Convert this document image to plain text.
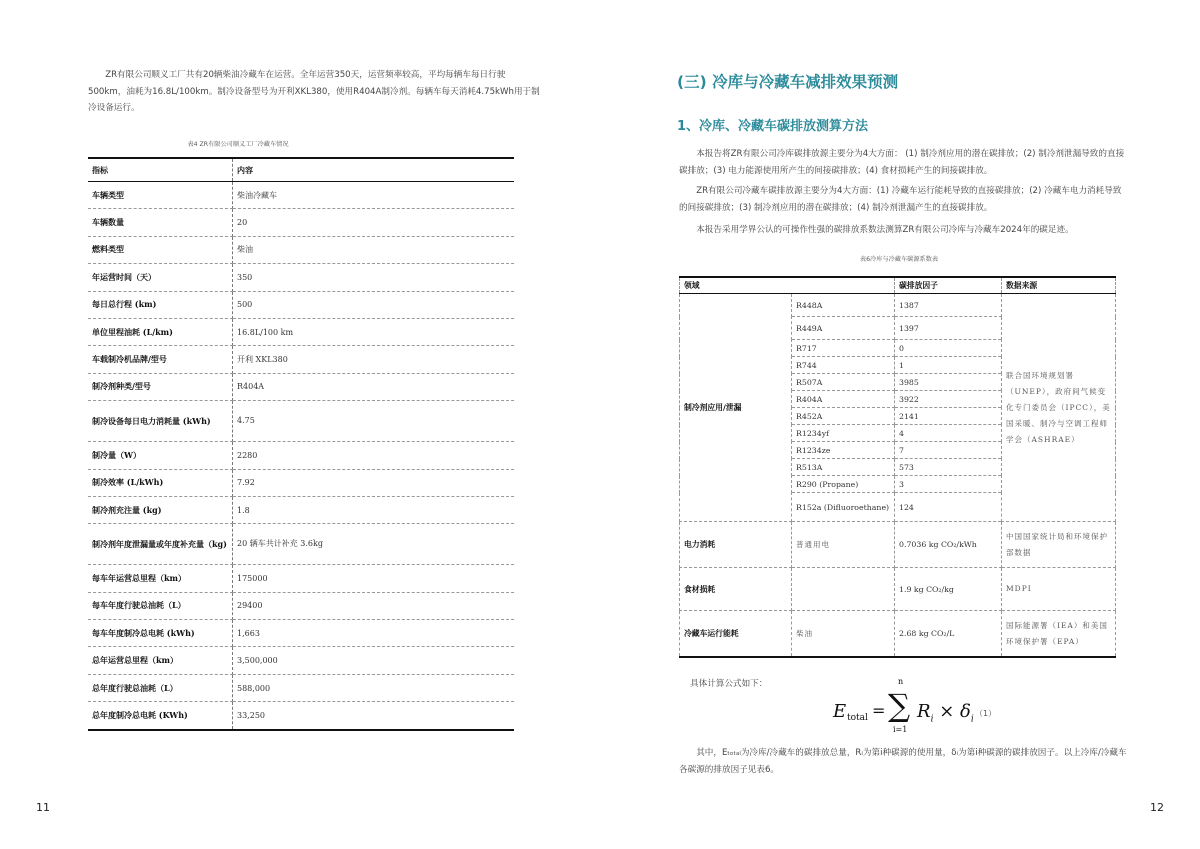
ZR有限公司顺义工厂共有20辆柴油冷藏车在运营。全年运营350天，运营频率较高，平均每辆车每日行驶500km，油耗为16.8L/100km。制冷设备型号为开利XKL380，使用R404A制冷剂。每辆车每天消耗4.75kWh用于制冷设备运行。
表4 ZR有限公司顺义工厂冷藏车情况
指标	内容
车辆类型	柴油冷藏车
车辆数量	20
燃料类型	柴油
年运营时间（天）	350
每日总行程 (km)	500
单位里程油耗 (L/km)	16.8L/100 km
车载制冷机品牌/型号	开利 XKL380
制冷剂种类/型号	R404A
制冷设备每日电力消耗量 (kWh)	4.75
制冷量（W）	2280
制冷效率 (L/kWh)	7.92
制冷剂充注量 (kg)	1.8
制冷剂年度泄漏量或年度补充量（kg)	20 辆车共计补充 3.6kg
每车年运营总里程（km）	175000
每车年度行驶总油耗（L）	29400
每车年度制冷总电耗 (kWh)	1,663
总年运营总里程（km）	3,500,000
总年度行驶总油耗（L）	588,000
总年度制冷总电耗 (KWh)	33,250
11
(三) 冷库与冷藏车减排效果预测
1、冷库、冷藏车碳排放测算方法
本报告将ZR有限公司冷库碳排放源主要分为4大方面： (1) 制冷剂应用的潜在碳排放；(2) 制冷剂泄漏导致的直接碳排放；(3) 电力能源使用所产生的间接碳排放；(4) 食材损耗产生的间接碳排放。
ZR有限公司冷藏车碳排放源主要分为4大方面：(1) 冷藏车运行能耗导致的直接碳排放；(2) 冷藏车电力消耗导致的间接碳排放；(3) 制冷剂应用的潜在碳排放；(4) 制冷剂泄漏产生的直接碳排放。
本报告采用学界公认的可操作性强的碳排放系数法测算ZR有限公司冷库与冷藏车2024年的碳足迹。
表6冷库与冷藏车碳源系数表
领域		碳排放因子	数据来源
制冷剂应用/泄漏	R448A	1387	联合国环境规划署（UNEP），政府间气候变化专门委员会（IPCC），美国采暖、制冷与空调工程师学会（ASHRAE）
	R449A	1397	
	R717	0	
	R744	1	
	R507A	3985	
	R404A	3922	
	R452A	2141	
	R1234yf	4	
	R1234ze	7	
	R513A	573	
	R290 (Propane)	3	
	R152a (Difluoroethane)	124	
电力消耗	普通用电	0.7036 kg CO₂/kWh	中国国家统计局和环境保护部数据
食材损耗		1.9 kg CO₂/kg	MDPI
冷藏车运行能耗	柴油	2.68 kg CO₂/L	国际能源署（IEA）和美国环境保护署（EPA）
具体计算公式如下：
E total =
n
∑
i=1
$R_i \times \delta_i$
（1）
其中，Eₜₒₜₐₗ为冷库/冷藏车的碳排放总量，Rᵢ为第i种碳源的使用量，δᵢ为第i种碳源的碳排放因子。以上冷库/冷藏车各碳源的排放因子见表6。
12
